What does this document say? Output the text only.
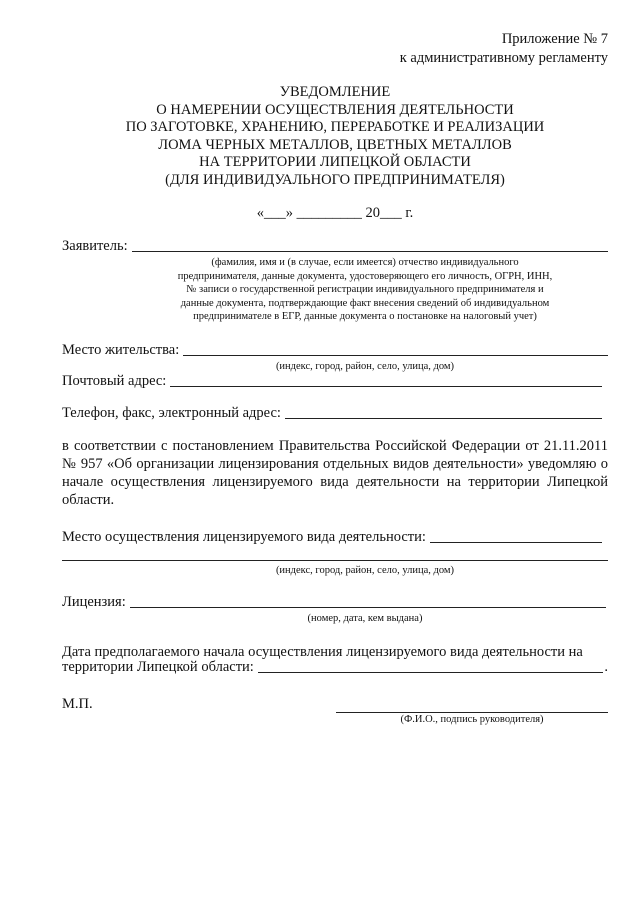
Приложение № 7
к административному регламенту
УВЕДОМЛЕНИЕ
О НАМЕРЕНИИ ОСУЩЕСТВЛЕНИЯ ДЕЯТЕЛЬНОСТИ
ПО ЗАГОТОВКЕ, ХРАНЕНИЮ, ПЕРЕРАБОТКЕ И РЕАЛИЗАЦИИ
ЛОМА ЧЕРНЫХ МЕТАЛЛОВ, ЦВЕТНЫХ МЕТАЛЛОВ
НА ТЕРРИТОРИИ ЛИПЕЦКОЙ ОБЛАСТИ
(ДЛЯ ИНДИВИДУАЛЬНОГО ПРЕДПРИНИМАТЕЛЯ)
«___» _________ 20___ г.
Заявитель:
(фамилия, имя и (в случае, если имеется) отчество индивидуального
предпринимателя, данные документа, удостоверяющего его личность, ОГРН, ИНН,
№ записи о государственной регистрации индивидуального предпринимателя и
данные документа, подтверждающие факт внесения сведений об индивидуальном
предпринимателе в ЕГР, данные документа о постановке на налоговый учет)
Место жительства:
(индекс, город, район, село, улица, дом)
Почтовый адрес:
Телефон, факс, электронный адрес:
в соответствии с постановлением Правительства Российской Федерации от 21.11.2011 № 957 «Об организации лицензирования отдельных видов деятельности» уведомляю о начале осуществления лицензируемого вида деятельности на территории Липецкой области.
Место осуществления лицензируемого вида деятельности:
(индекс, город, район, село, улица, дом)
Лицензия:
(номер, дата, кем выдана)
Дата предполагаемого начала осуществления лицензируемого вида деятельности на
территории Липецкой области:	.
М.П.
(Ф.И.О., подпись руководителя)
